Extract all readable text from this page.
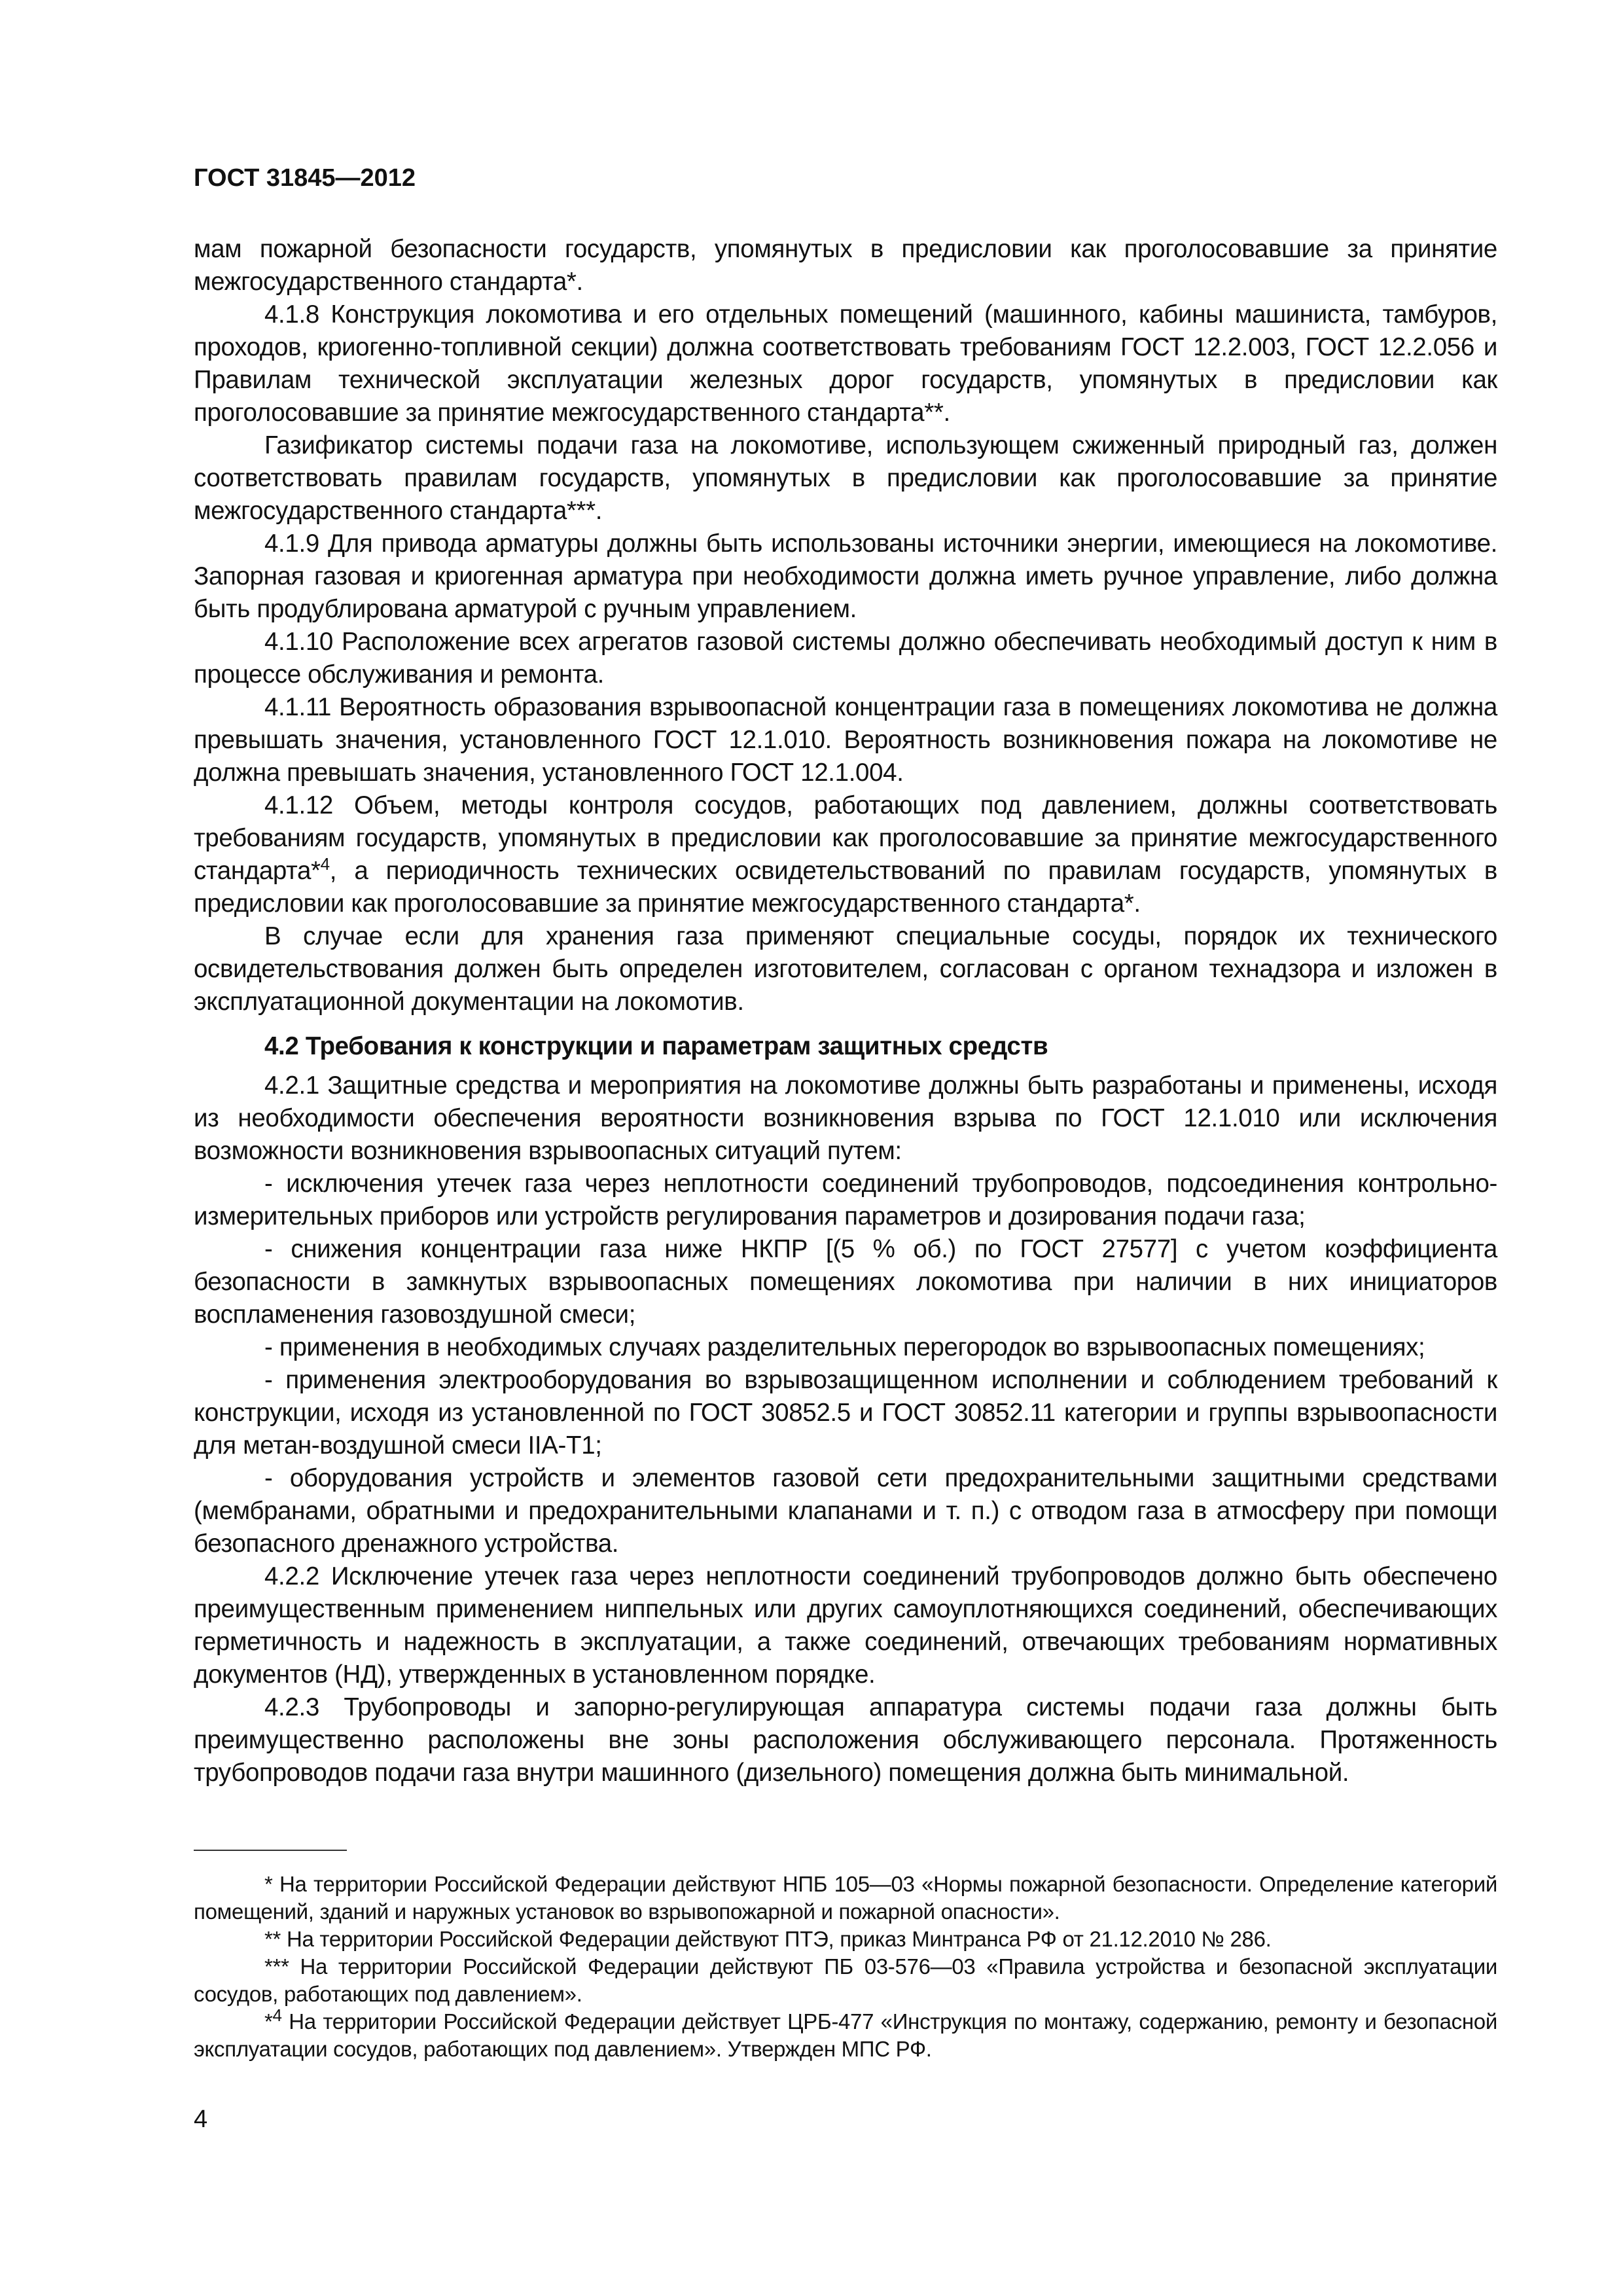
ГОСТ 31845—2012

мам пожарной безопасности государств, упомянутых в предисловии как проголосовавшие за принятие межгосударственного стандарта*.

4.1.8 Конструкция локомотива и его отдельных помещений (машинного, кабины машиниста, тамбуров, проходов, криогенно-топливной секции) должна соответствовать требованиям ГОСТ 12.2.003, ГОСТ 12.2.056 и Правилам технической эксплуатации железных дорог государств, упомянутых в предисловии как проголосовавшие за принятие межгосударственного стандарта**.

Газификатор системы подачи газа на локомотиве, использующем сжиженный природный газ, должен соответствовать правилам государств, упомянутых в предисловии как проголосовавшие за принятие межгосударственного стандарта***.

4.1.9 Для привода арматуры должны быть использованы источники энергии, имеющиеся на локомотиве. Запорная газовая и криогенная арматура при необходимости должна иметь ручное управление, либо должна быть продублирована арматурой с ручным управлением.

4.1.10 Расположение всех агрегатов газовой системы должно обеспечивать необходимый доступ к ним в процессе обслуживания и ремонта.

4.1.11 Вероятность образования взрывоопасной концентрации газа в помещениях локомотива не должна превышать значения, установленного ГОСТ 12.1.010. Вероятность возникновения пожара на локомотиве не должна превышать значения, установленного ГОСТ 12.1.004.

4.1.12 Объем, методы контроля сосудов, работающих под давлением, должны соответствовать требованиям государств, упомянутых в предисловии как проголосовавшие за принятие межгосударственного стандарта*$^4$, а периодичность технических освидетельствований по правилам государств, упомянутых в предисловии как проголосовавшие за принятие межгосударственного стандарта*.

В случае если для хранения газа применяют специальные сосуды, порядок их технического освидетельствования должен быть определен изготовителем, согласован с органом технадзора и изложен в эксплуатационной документации на локомотив.

4.2 Требования к конструкции и параметрам защитных средств

4.2.1 Защитные средства и мероприятия на локомотиве должны быть разработаны и применены, исходя из необходимости обеспечения вероятности возникновения взрыва по ГОСТ 12.1.010 или исключения возможности возникновения взрывоопасных ситуаций путем:

- исключения утечек газа через неплотности соединений трубопроводов, подсоединения контрольно-измерительных приборов или устройств регулирования параметров и дозирования подачи газа;

- снижения концентрации газа ниже НКПР [(5 % об.) по ГОСТ 27577] с учетом коэффициента безопасности в замкнутых взрывоопасных помещениях локомотива при наличии в них инициаторов воспламенения газовоздушной смеси;

- применения в необходимых случаях разделительных перегородок во взрывоопасных помещениях;

- применения электрооборудования во взрывозащищенном исполнении и соблюдением требований к конструкции, исходя из установленной по ГОСТ 30852.5 и ГОСТ 30852.11 категории и группы взрывоопасности для метан-воздушной смеси IIA-T1;

- оборудования устройств и элементов газовой сети предохранительными защитными средствами (мембранами, обратными и предохранительными клапанами и т. п.) с отводом газа в атмосферу при помощи безопасного дренажного устройства.

4.2.2 Исключение утечек газа через неплотности соединений трубопроводов должно быть обеспечено преимущественным применением ниппельных или других самоуплотняющихся соединений, обеспечивающих герметичность и надежность в эксплуатации, а также соединений, отвечающих требованиям нормативных документов (НД), утвержденных в установленном порядке.

4.2.3 Трубопроводы и запорно-регулирующая аппаратура системы подачи газа должны быть преимущественно расположены вне зоны расположения обслуживающего персонала. Протяженность трубопроводов подачи газа внутри машинного (дизельного) помещения должна быть минимальной.

* На территории Российской Федерации действуют НПБ 105—03 «Нормы пожарной безопасности. Определение категорий помещений, зданий и наружных установок во взрывопожарной и пожарной опасности».

** На территории Российской Федерации действуют ПТЭ, приказ Минтранса РФ от 21.12.2010 № 286.

*** На территории Российской Федерации действуют ПБ 03-576—03 «Правила устройства и безопасной эксплуатации сосудов, работающих под давлением».

*$^4$ На территории Российской Федерации действует ЦРБ-477 «Инструкция по монтажу, содержанию, ремонту и безопасной эксплуатации сосудов, работающих под давлением». Утвержден МПС РФ.

4
